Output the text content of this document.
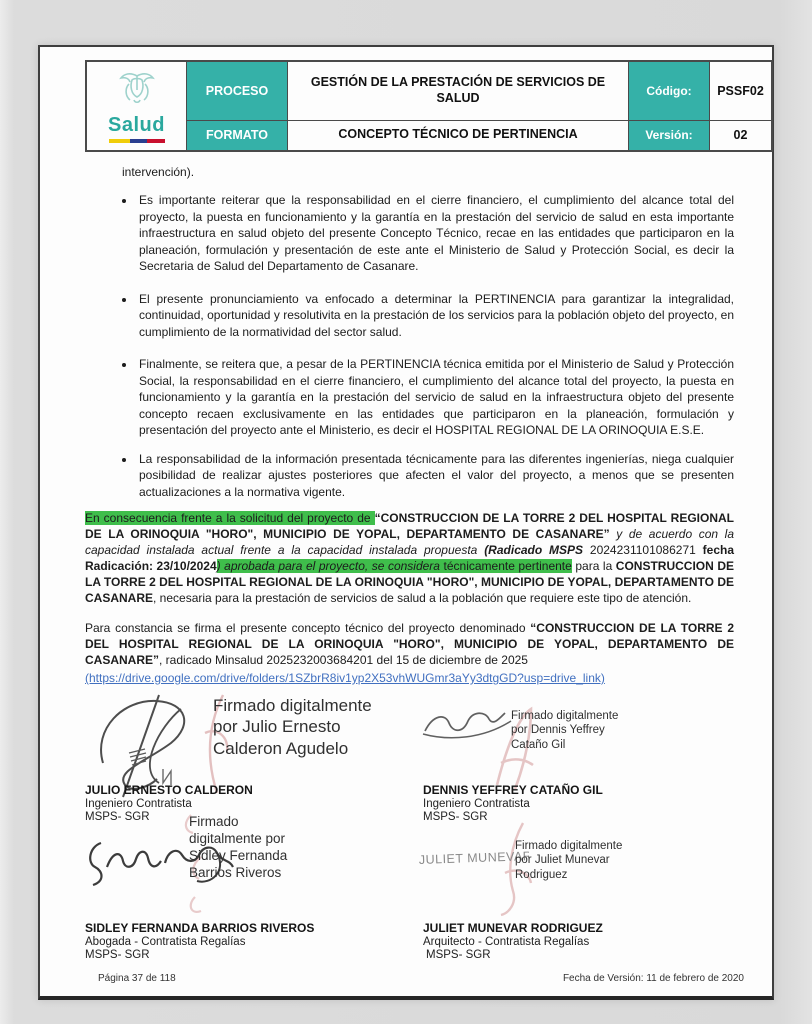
Salud	PROCESO	GESTIÓN DE LA PRESTACIÓN DE SERVICIOS DE SALUD	Código:	PSSF02
	FORMATO	CONCEPTO TÉCNICO DE PERTINENCIA	Versión:	02

intervención).

Es importante reiterar que la responsabilidad en el cierre financiero, el cumplimiento del alcance total del proyecto, la puesta en funcionamiento y la garantía en la prestación del servicio de salud en esta importante infraestructura en salud objeto del presente Concepto Técnico, recae en las entidades que participaron en la planeación, formulación y presentación de este ante el Ministerio de Salud y Protección Social, es decir la Secretaria de Salud del Departamento de Casanare.

El presente pronunciamiento va enfocado a determinar la PERTINENCIA para garantizar la integralidad, continuidad, oportunidad y resolutivita en la prestación de los servicios para la población objeto del proyecto, en cumplimiento de la normatividad del sector salud.

Finalmente, se reitera que, a pesar de la PERTINENCIA técnica emitida por el Ministerio de Salud y Protección Social, la responsabilidad en el cierre financiero, el cumplimiento del alcance total del proyecto, la puesta en funcionamiento y la garantía en la prestación del servicio de salud en la infraestructura objeto del presente concepto recaen exclusivamente en las entidades que participaron en la planeación, formulación y presentación del proyecto ante el Ministerio, es decir el HOSPITAL REGIONAL DE LA ORINOQUIA E.S.E.

La responsabilidad de la información presentada técnicamente para las diferentes ingenierías, niega cualquier posibilidad de realizar ajustes posteriores que afecten el valor del proyecto, a menos que se presenten actualizaciones a la normativa vigente.

En consecuencia frente a la solicitud del proyecto de “CONSTRUCCION DE LA TORRE 2 DEL HOSPITAL REGIONAL DE LA ORINOQUIA "HORO", MUNICIPIO DE YOPAL, DEPARTAMENTO DE CASANARE” y de acuerdo con la capacidad instalada actual frente a la capacidad instalada propuesta (Radicado MSPS 2024231101086271 fecha Radicación: 23/10/2024) aprobada para el proyecto, se considera técnicamente pertinente para la CONSTRUCCION DE LA TORRE 2 DEL HOSPITAL REGIONAL DE LA ORINOQUIA "HORO", MUNICIPIO DE YOPAL, DEPARTAMENTO DE CASANARE, necesaria para la prestación de servicios de salud a la población que requiere este tipo de atención.

Para constancia se firma el presente concepto técnico del proyecto denominado “CONSTRUCCION DE LA TORRE 2 DEL HOSPITAL REGIONAL DE LA ORINOQUIA "HORO", MUNICIPIO DE YOPAL, DEPARTAMENTO DE CASANARE”, radicado Minsalud 2025232003684201 del 15 de diciembre de 2025

(https://drive.google.com/drive/folders/1SZbrR8iv1yp2X53vhWUGmr3aYy3dtgGD?usp=drive_link)

Firmado digitalmente por Julio Ernesto Calderon Agudelo

JULIO ERNESTO CALDERON

Ingeniero Contratista

MSPS- SGR

Firmado digitalmente por Dennis Yeffrey Cataño Gil

DENNIS YEFFREY CATAÑO GIL

Ingeniero Contratista

MSPS- SGR

Firmado digitalmente por Sidley Fernanda Barrios Riveros

SIDLEY FERNANDA BARRIOS RIVEROS

Abogada - Contratista Regalías

MSPS- SGR

JULIET MUNEVAR
Firmado digitalmente por Juliet Munevar Rodriguez

JULIET MUNEVAR RODRIGUEZ

Arquitecto - Contratista Regalías

MSPS- SGR

Página 37 de 118	Fecha de Versión: 11 de febrero de 2020
